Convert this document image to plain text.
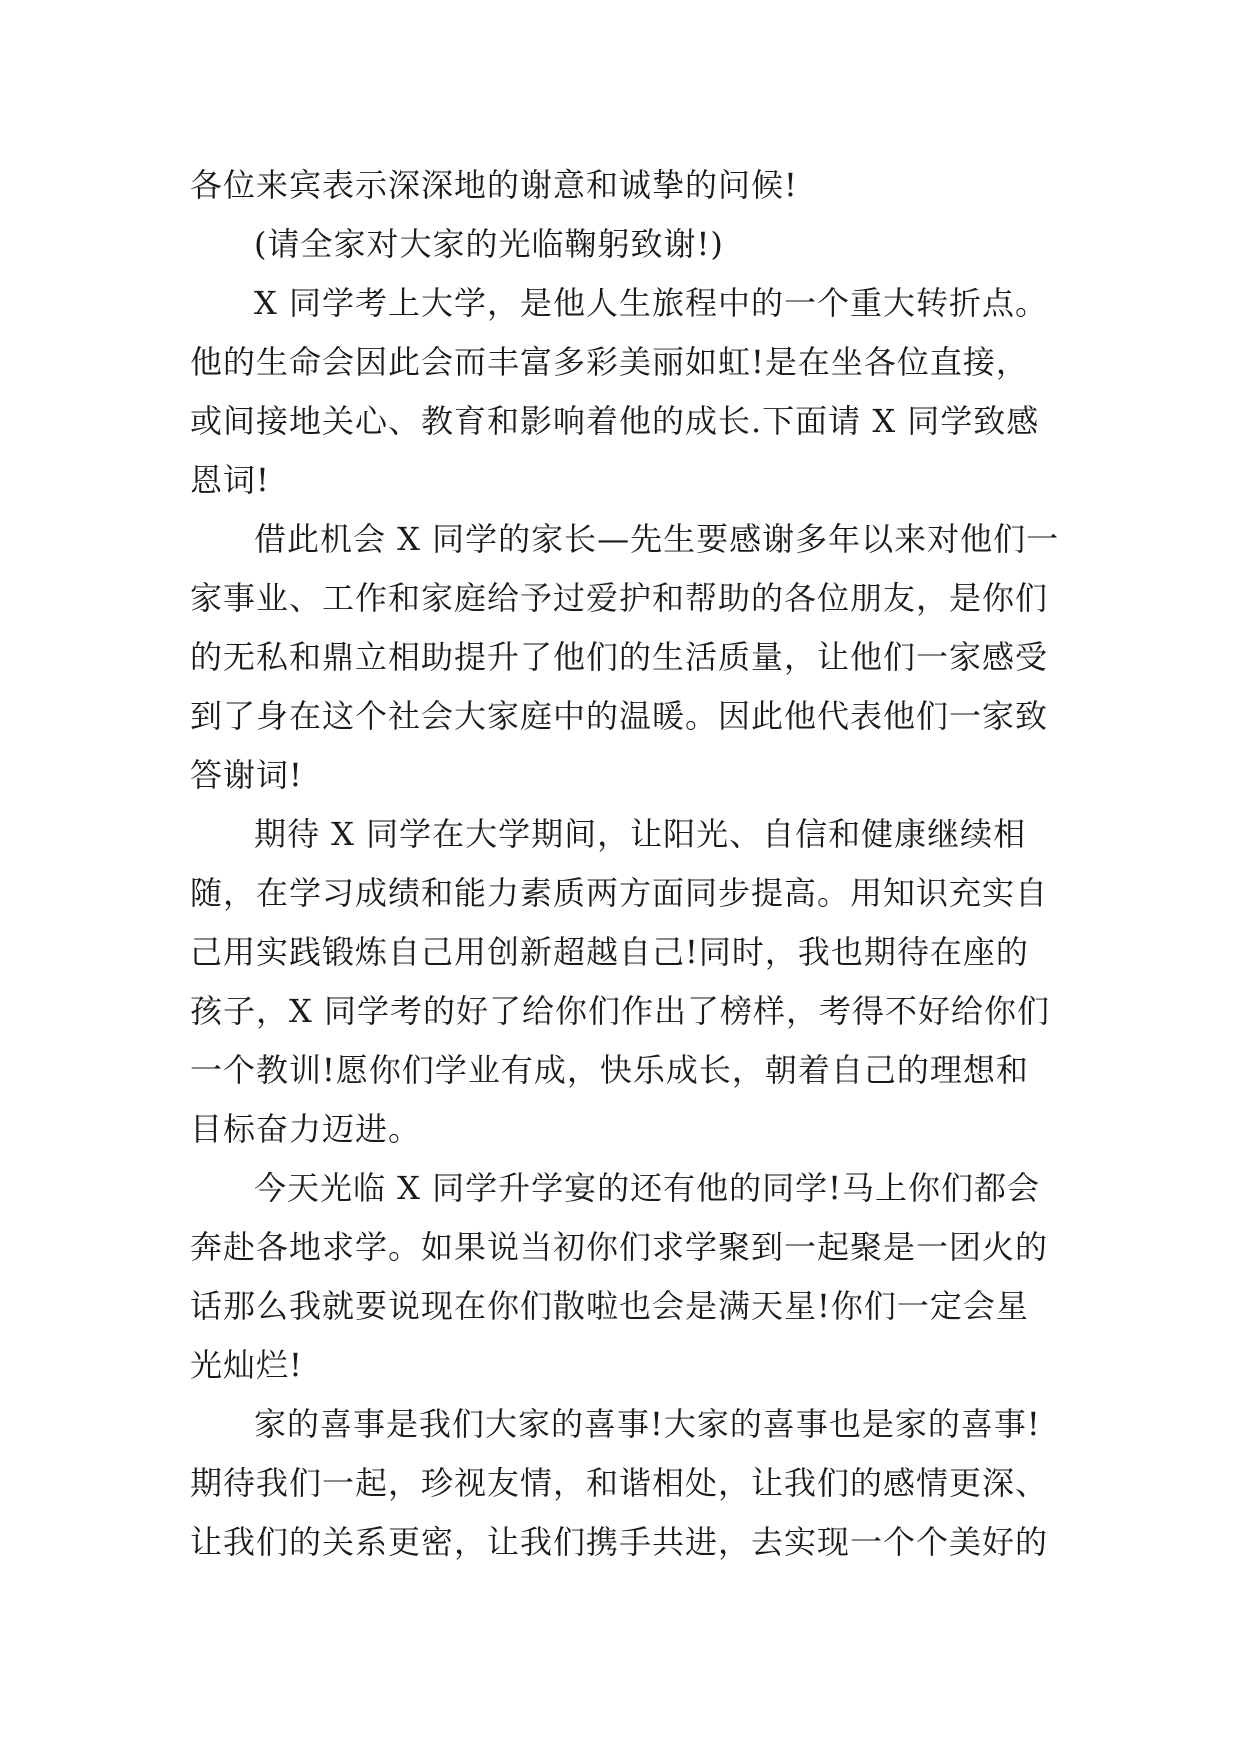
各位来宾表示深深地的谢意和诚挚的问候!

(请全家对大家的光临鞠躬致谢!)

X 同学考上大学，是他人生旅程中的一个重大转折点。他的生命会因此会而丰富多彩美丽如虹!是在坐各位直接，或间接地关心、教育和影响着他的成长.下面请 X 同学致感恩词!

借此机会 X 同学的家长—先生要感谢多年以来对他们一家事业、工作和家庭给予过爱护和帮助的各位朋友，是你们的无私和鼎立相助提升了他们的生活质量，让他们一家感受到了身在这个社会大家庭中的温暖。因此他代表他们一家致答谢词!

期待 X 同学在大学期间，让阳光、自信和健康继续相随，在学习成绩和能力素质两方面同步提高。用知识充实自己用实践锻炼自己用创新超越自己!同时，我也期待在座的孩子，X 同学考的好了给你们作出了榜样，考得不好给你们一个教训!愿你们学业有成，快乐成长，朝着自己的理想和目标奋力迈进。

今天光临 X 同学升学宴的还有他的同学!马上你们都会奔赴各地求学。如果说当初你们求学聚到一起聚是一团火的话那么我就要说现在你们散啦也会是满天星!你们一定会星光灿烂!

家的喜事是我们大家的喜事!大家的喜事也是家的喜事!期待我们一起，珍视友情，和谐相处，让我们的感情更深、让我们的关系更密，让我们携手共进，去实现一个个美好的
